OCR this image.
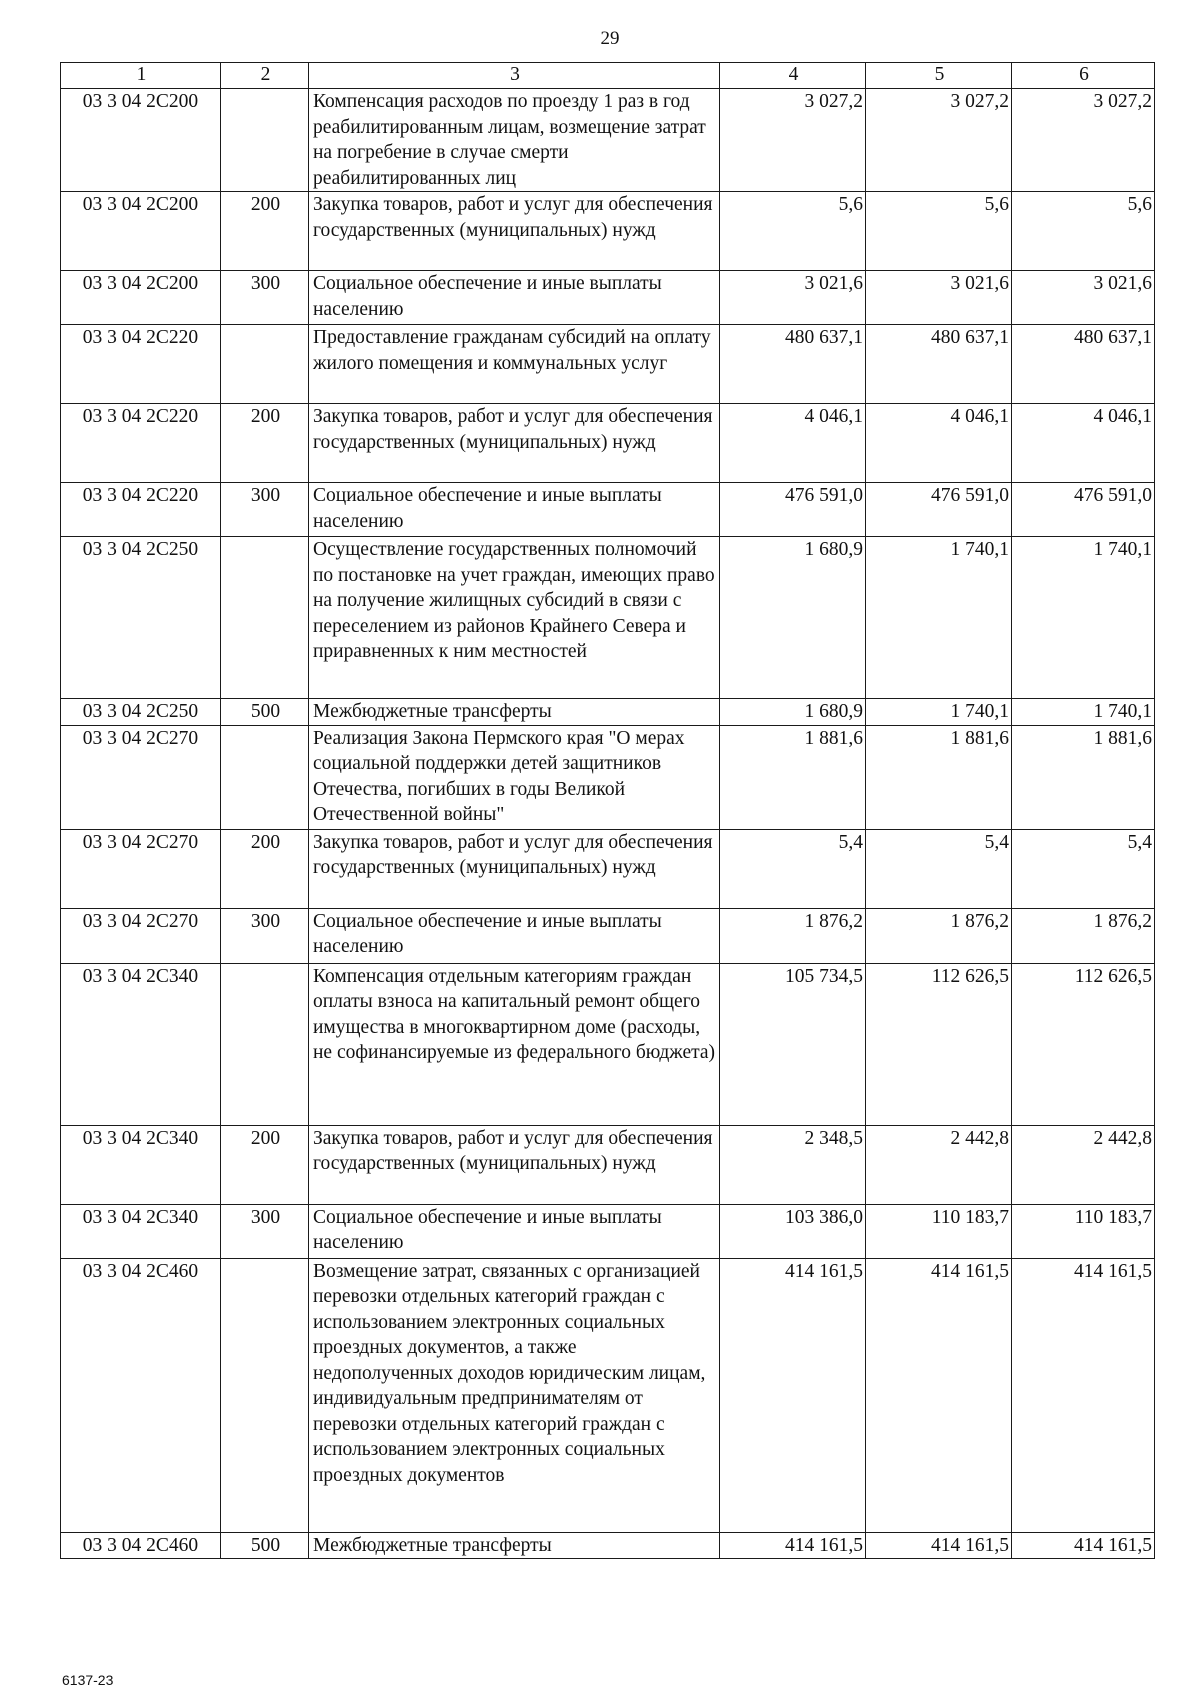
29
1	2	3	4	5	6
03 3 04 2С200		Компенсация расходов по проезду 1 раз в год реабилитированным лицам, возмещение затрат на погребение в случае смерти реабилитированных лиц	3 027,2	3 027,2	3 027,2
03 3 04 2С200	200	Закупка товаров, работ и услуг для обеспечения государственных (муниципальных) нужд	5,6	5,6	5,6
03 3 04 2С200	300	Социальное обеспечение и иные выплаты населению	3 021,6	3 021,6	3 021,6
03 3 04 2С220		Предоставление гражданам субсидий на оплату жилого помещения и коммунальных услуг	480 637,1	480 637,1	480 637,1
03 3 04 2С220	200	Закупка товаров, работ и услуг для обеспечения государственных (муниципальных) нужд	4 046,1	4 046,1	4 046,1
03 3 04 2С220	300	Социальное обеспечение и иные выплаты населению	476 591,0	476 591,0	476 591,0
03 3 04 2С250		Осуществление государственных полномочий по постановке на учет граждан, имеющих право на получение жилищных субсидий в связи с переселением из районов Крайнего Севера и приравненных к ним местностей	1 680,9	1 740,1	1 740,1
03 3 04 2С250	500	Межбюджетные трансферты	1 680,9	1 740,1	1 740,1
03 3 04 2С270		Реализация Закона Пермского края "О мерах социальной поддержки детей защитников Отечества, погибших в годы Великой Отечественной войны"	1 881,6	1 881,6	1 881,6
03 3 04 2С270	200	Закупка товаров, работ и услуг для обеспечения государственных (муниципальных) нужд	5,4	5,4	5,4
03 3 04 2С270	300	Социальное обеспечение и иные выплаты населению	1 876,2	1 876,2	1 876,2
03 3 04 2С340		Компенсация отдельным категориям граждан оплаты взноса на капитальный ремонт общего имущества в многоквартирном доме (расходы, не софинансируемые из федерального бюджета)	105 734,5	112 626,5	112 626,5
03 3 04 2С340	200	Закупка товаров, работ и услуг для обеспечения государственных (муниципальных) нужд	2 348,5	2 442,8	2 442,8
03 3 04 2С340	300	Социальное обеспечение и иные выплаты населению	103 386,0	110 183,7	110 183,7
03 3 04 2С460		Возмещение затрат, связанных с организацией перевозки отдельных категорий граждан с использованием электронных социальных проездных документов, а также недополученных доходов юридическим лицам, индивидуальным предпринимателям от перевозки отдельных категорий граждан с использованием электронных социальных проездных документов	414 161,5	414 161,5	414 161,5
03 3 04 2С460	500	Межбюджетные трансферты	414 161,5	414 161,5	414 161,5
6137-23
